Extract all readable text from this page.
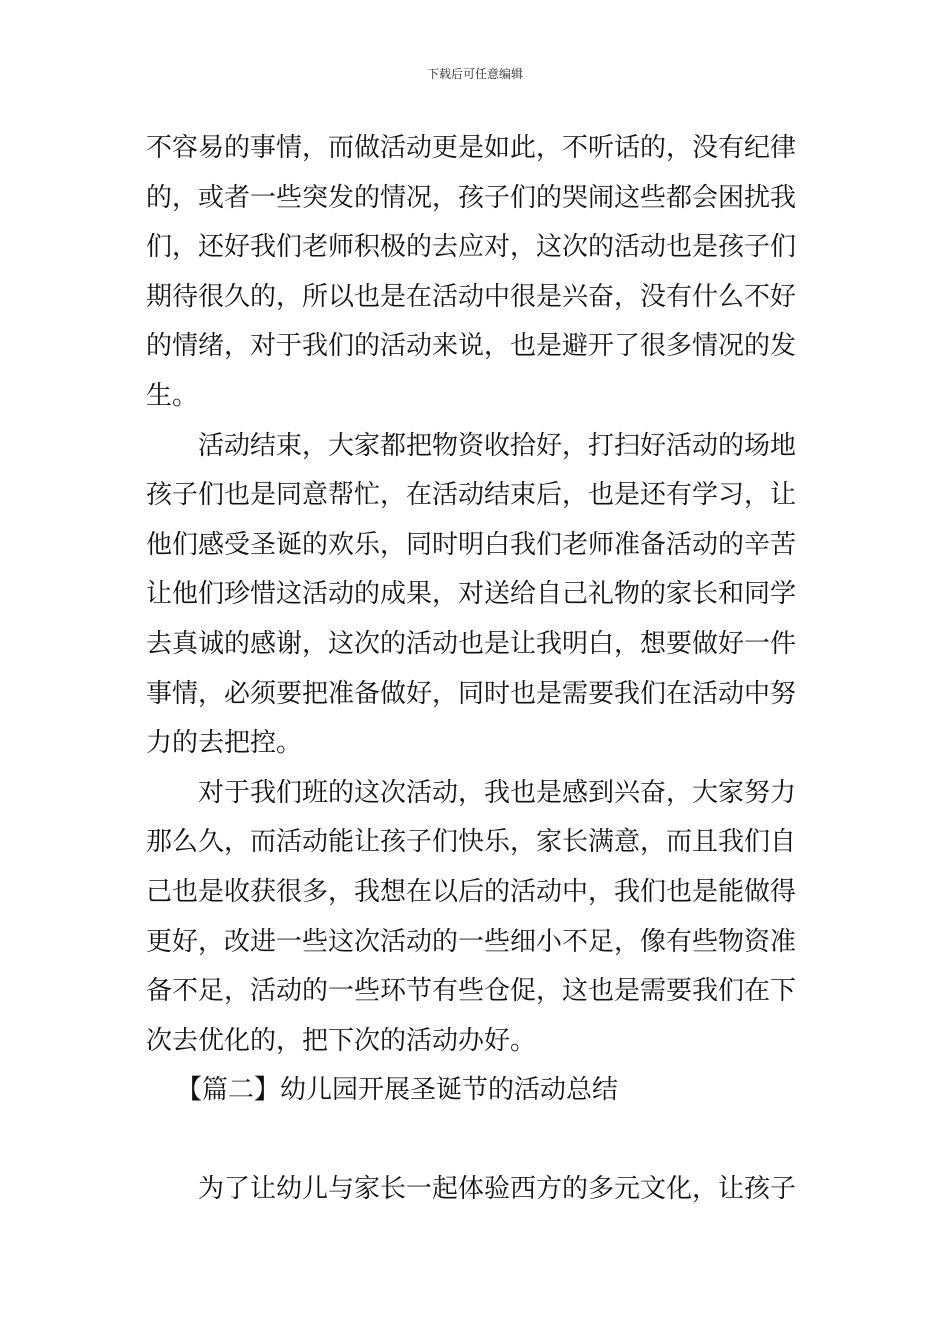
下载后可任意编辑
不容易的事情，而做活动更是如此，不听话的，没有纪律
的，或者一些突发的情况，孩子们的哭闹这些都会困扰我
们，还好我们老师积极的去应对，这次的活动也是孩子们
期待很久的，所以也是在活动中很是兴奋，没有什么不好
的情绪，对于我们的活动来说，也是避开了很多情况的发
生。
活动结束，大家都把物资收拾好，打扫好活动的场地
孩子们也是同意帮忙，在活动结束后，也是还有学习，让
他们感受圣诞的欢乐，同时明白我们老师准备活动的辛苦
让他们珍惜这活动的成果，对送给自己礼物的家长和同学
去真诚的感谢，这次的活动也是让我明白，想要做好一件
事情，必须要把准备做好，同时也是需要我们在活动中努
力的去把控。
对于我们班的这次活动，我也是感到兴奋，大家努力
那么久，而活动能让孩子们快乐，家长满意，而且我们自
己也是收获很多，我想在以后的活动中，我们也是能做得
更好，改进一些这次活动的一些细小不足，像有些物资准
备不足，活动的一些环节有些仓促，这也是需要我们在下
次去优化的，把下次的活动办好。
【篇二】幼儿园开展圣诞节的活动总结
为了让幼儿与家长一起体验西方的多元文化，让孩子
